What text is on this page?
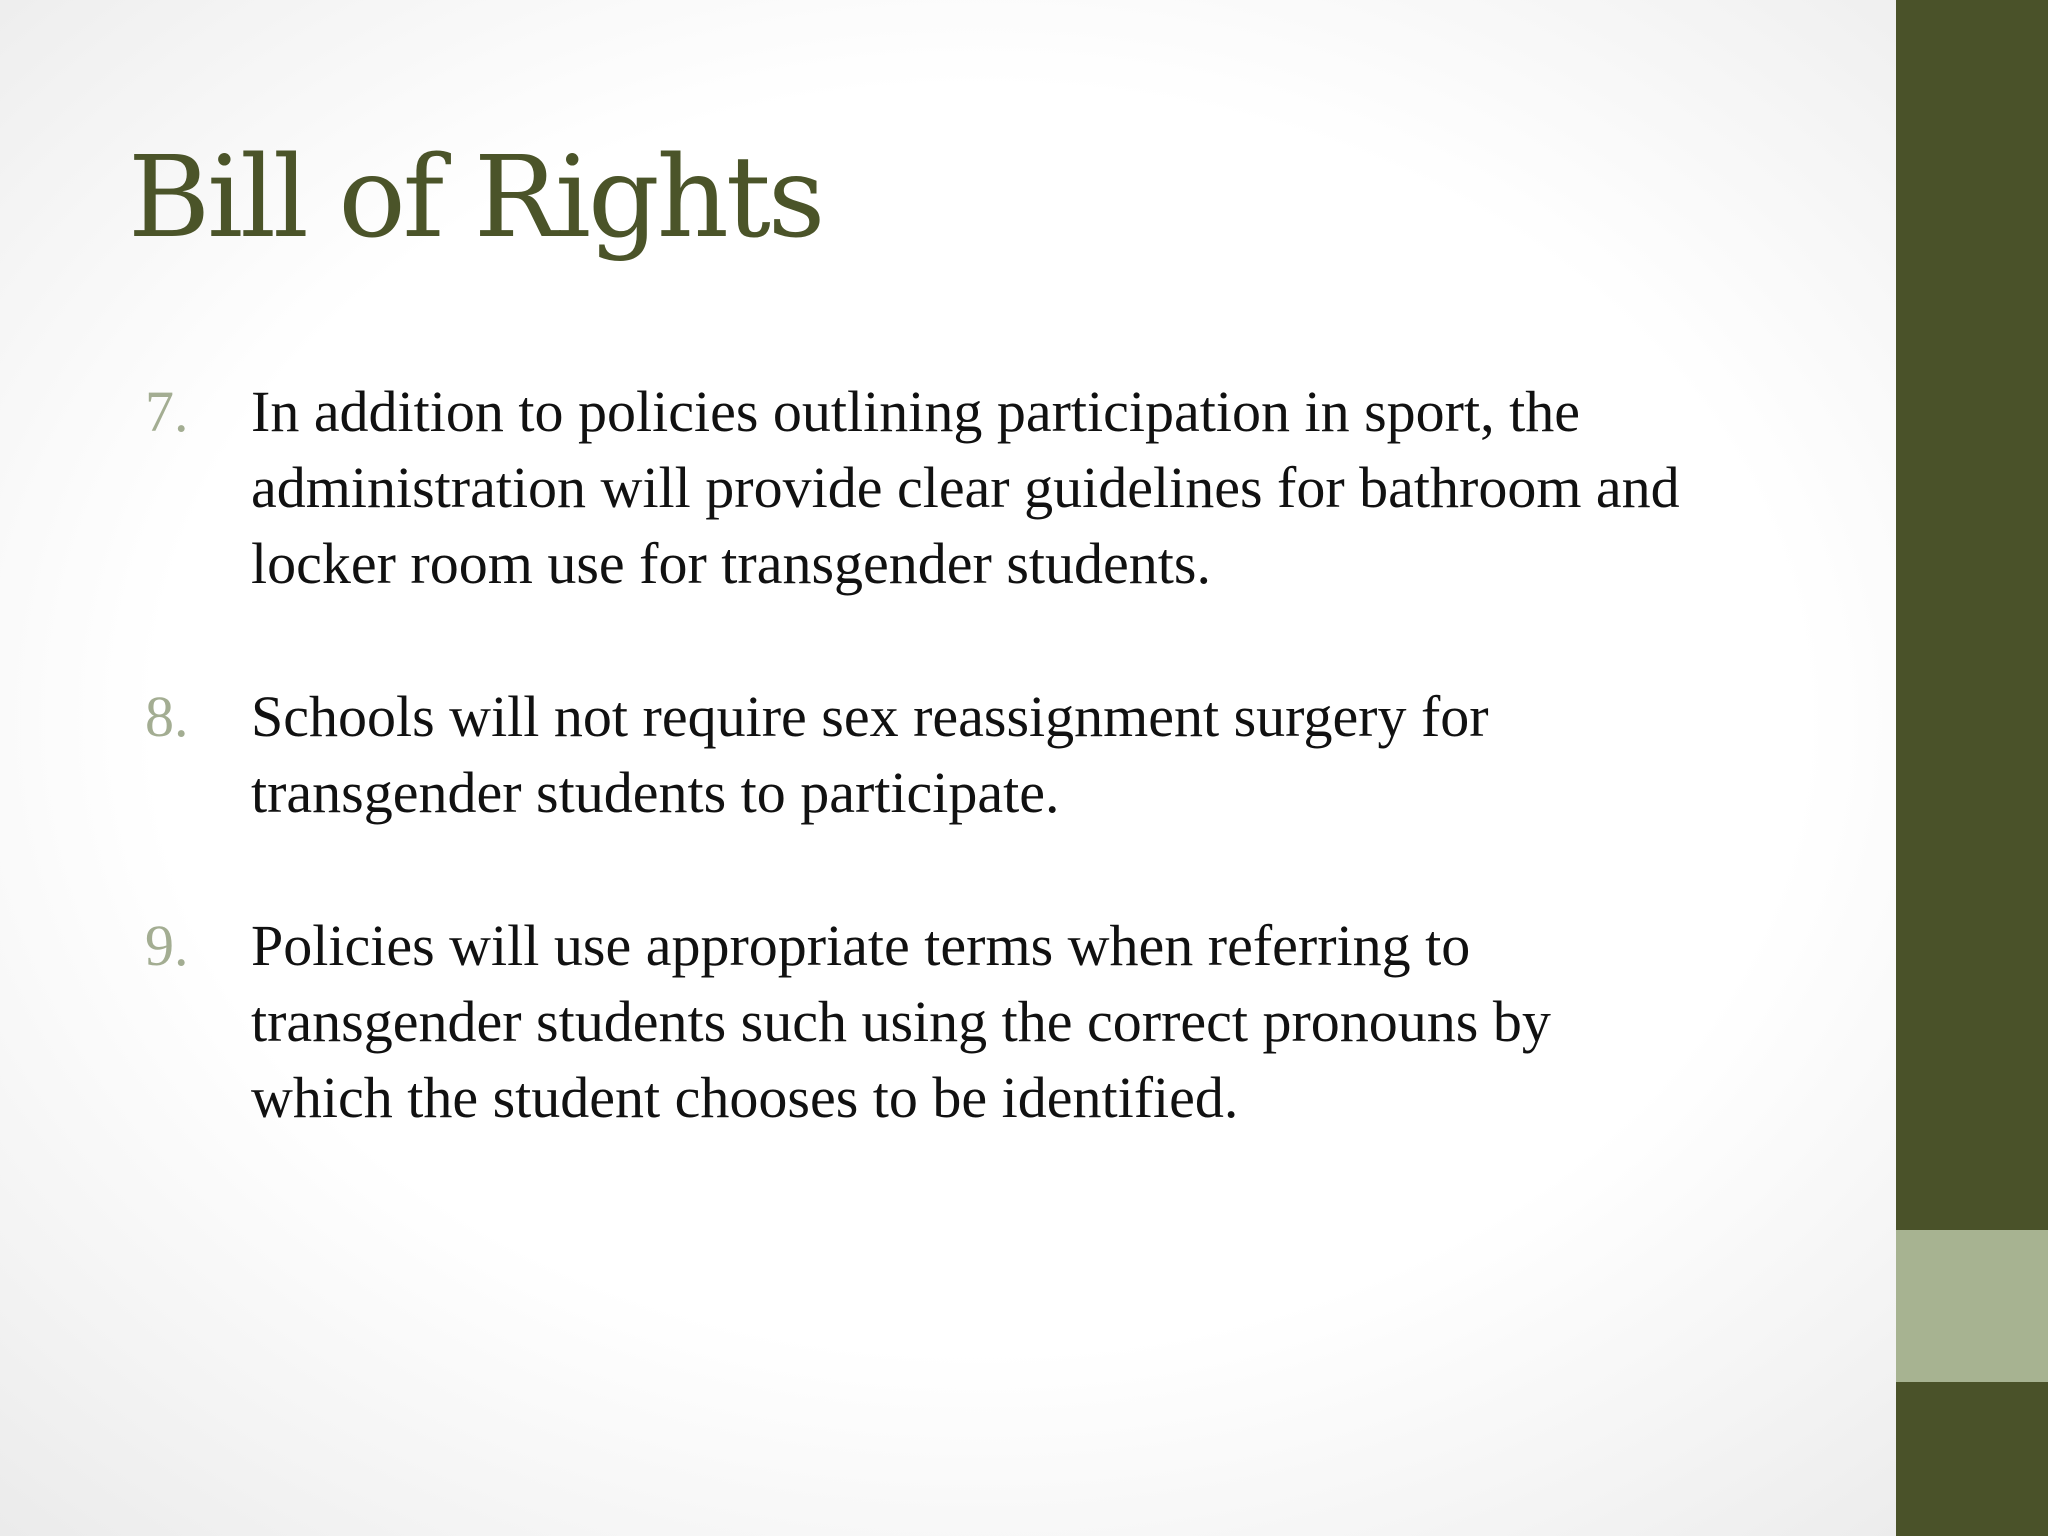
Bill of Rights
7.	In addition to policies outlining participation in sport, the administration will provide clear guidelines for bathroom and locker room use for transgender students.
8.	Schools will not require sex reassignment surgery for transgender students to participate.
9.	Policies will use appropriate terms when referring to transgender students such using the correct pronouns by which the student chooses to be identified.
